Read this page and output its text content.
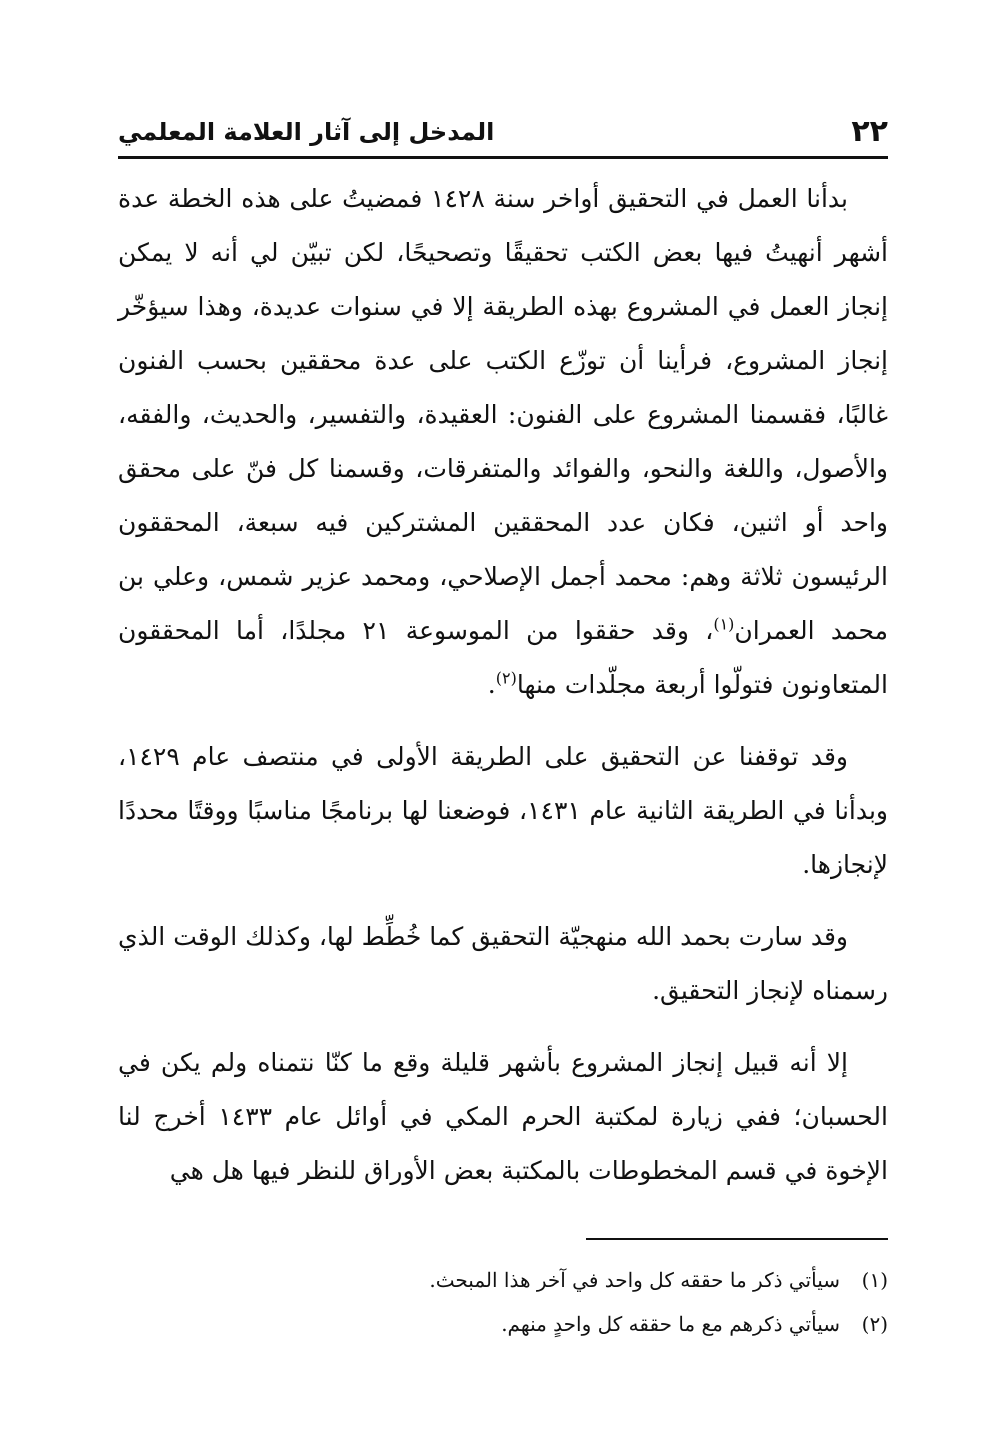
٢٢
المدخل إلى آثار العلامة المعلمي

بدأنا العمل في التحقيق أواخر سنة ١٤٢٨ فمضيتُ على هذه الخطة عدة أشهر أنهيتُ فيها بعض الكتب تحقيقًا وتصحيحًا، لكن تبيّن لي أنه لا يمكن إنجاز العمل في المشروع بهذه الطريقة إلا في سنوات عديدة، وهذا سيؤخّر إنجاز المشروع، فرأينا أن توزّع الكتب على عدة محققين بحسب الفنون غالبًا، فقسمنا المشروع على الفنون: العقيدة، والتفسير، والحديث، والفقه، والأصول، واللغة والنحو، والفوائد والمتفرقات، وقسمنا كل فنّ على محقق واحد أو اثنين، فكان عدد المحققين المشتركين فيه سبعة، المحققون الرئيسون ثلاثة وهم: محمد أجمل الإصلاحي، ومحمد عزير شمس، وعلي بن محمد العمران$^{(١)}$، وقد حققوا من الموسوعة ٢١ مجلدًا، أما المحققون المتعاونون فتولّوا أربعة مجلّدات منها$^{(٢)}$.

وقد توقفنا عن التحقيق على الطريقة الأولى في منتصف عام ١٤٢٩، وبدأنا في الطريقة الثانية عام ١٤٣١، فوضعنا لها برنامجًا مناسبًا ووقتًا محددًا لإنجازها.

وقد سارت بحمد الله منهجيّة التحقيق كما خُطِّط لها، وكذلك الوقت الذي رسمناه لإنجاز التحقيق.

إلا أنه قبيل إنجاز المشروع بأشهر قليلة وقع ما كنّا نتمناه ولم يكن في الحسبان؛ ففي زيارة لمكتبة الحرم المكي في أوائل عام ١٤٣٣ أخرج لنا الإخوة في قسم المخطوطات بالمكتبة بعض الأوراق للنظر فيها هل هي

(١)سيأتي ذكر ما حققه كل واحد في آخر هذا المبحث.
(٢)سيأتي ذكرهم مع ما حققه كل واحدٍ منهم.
